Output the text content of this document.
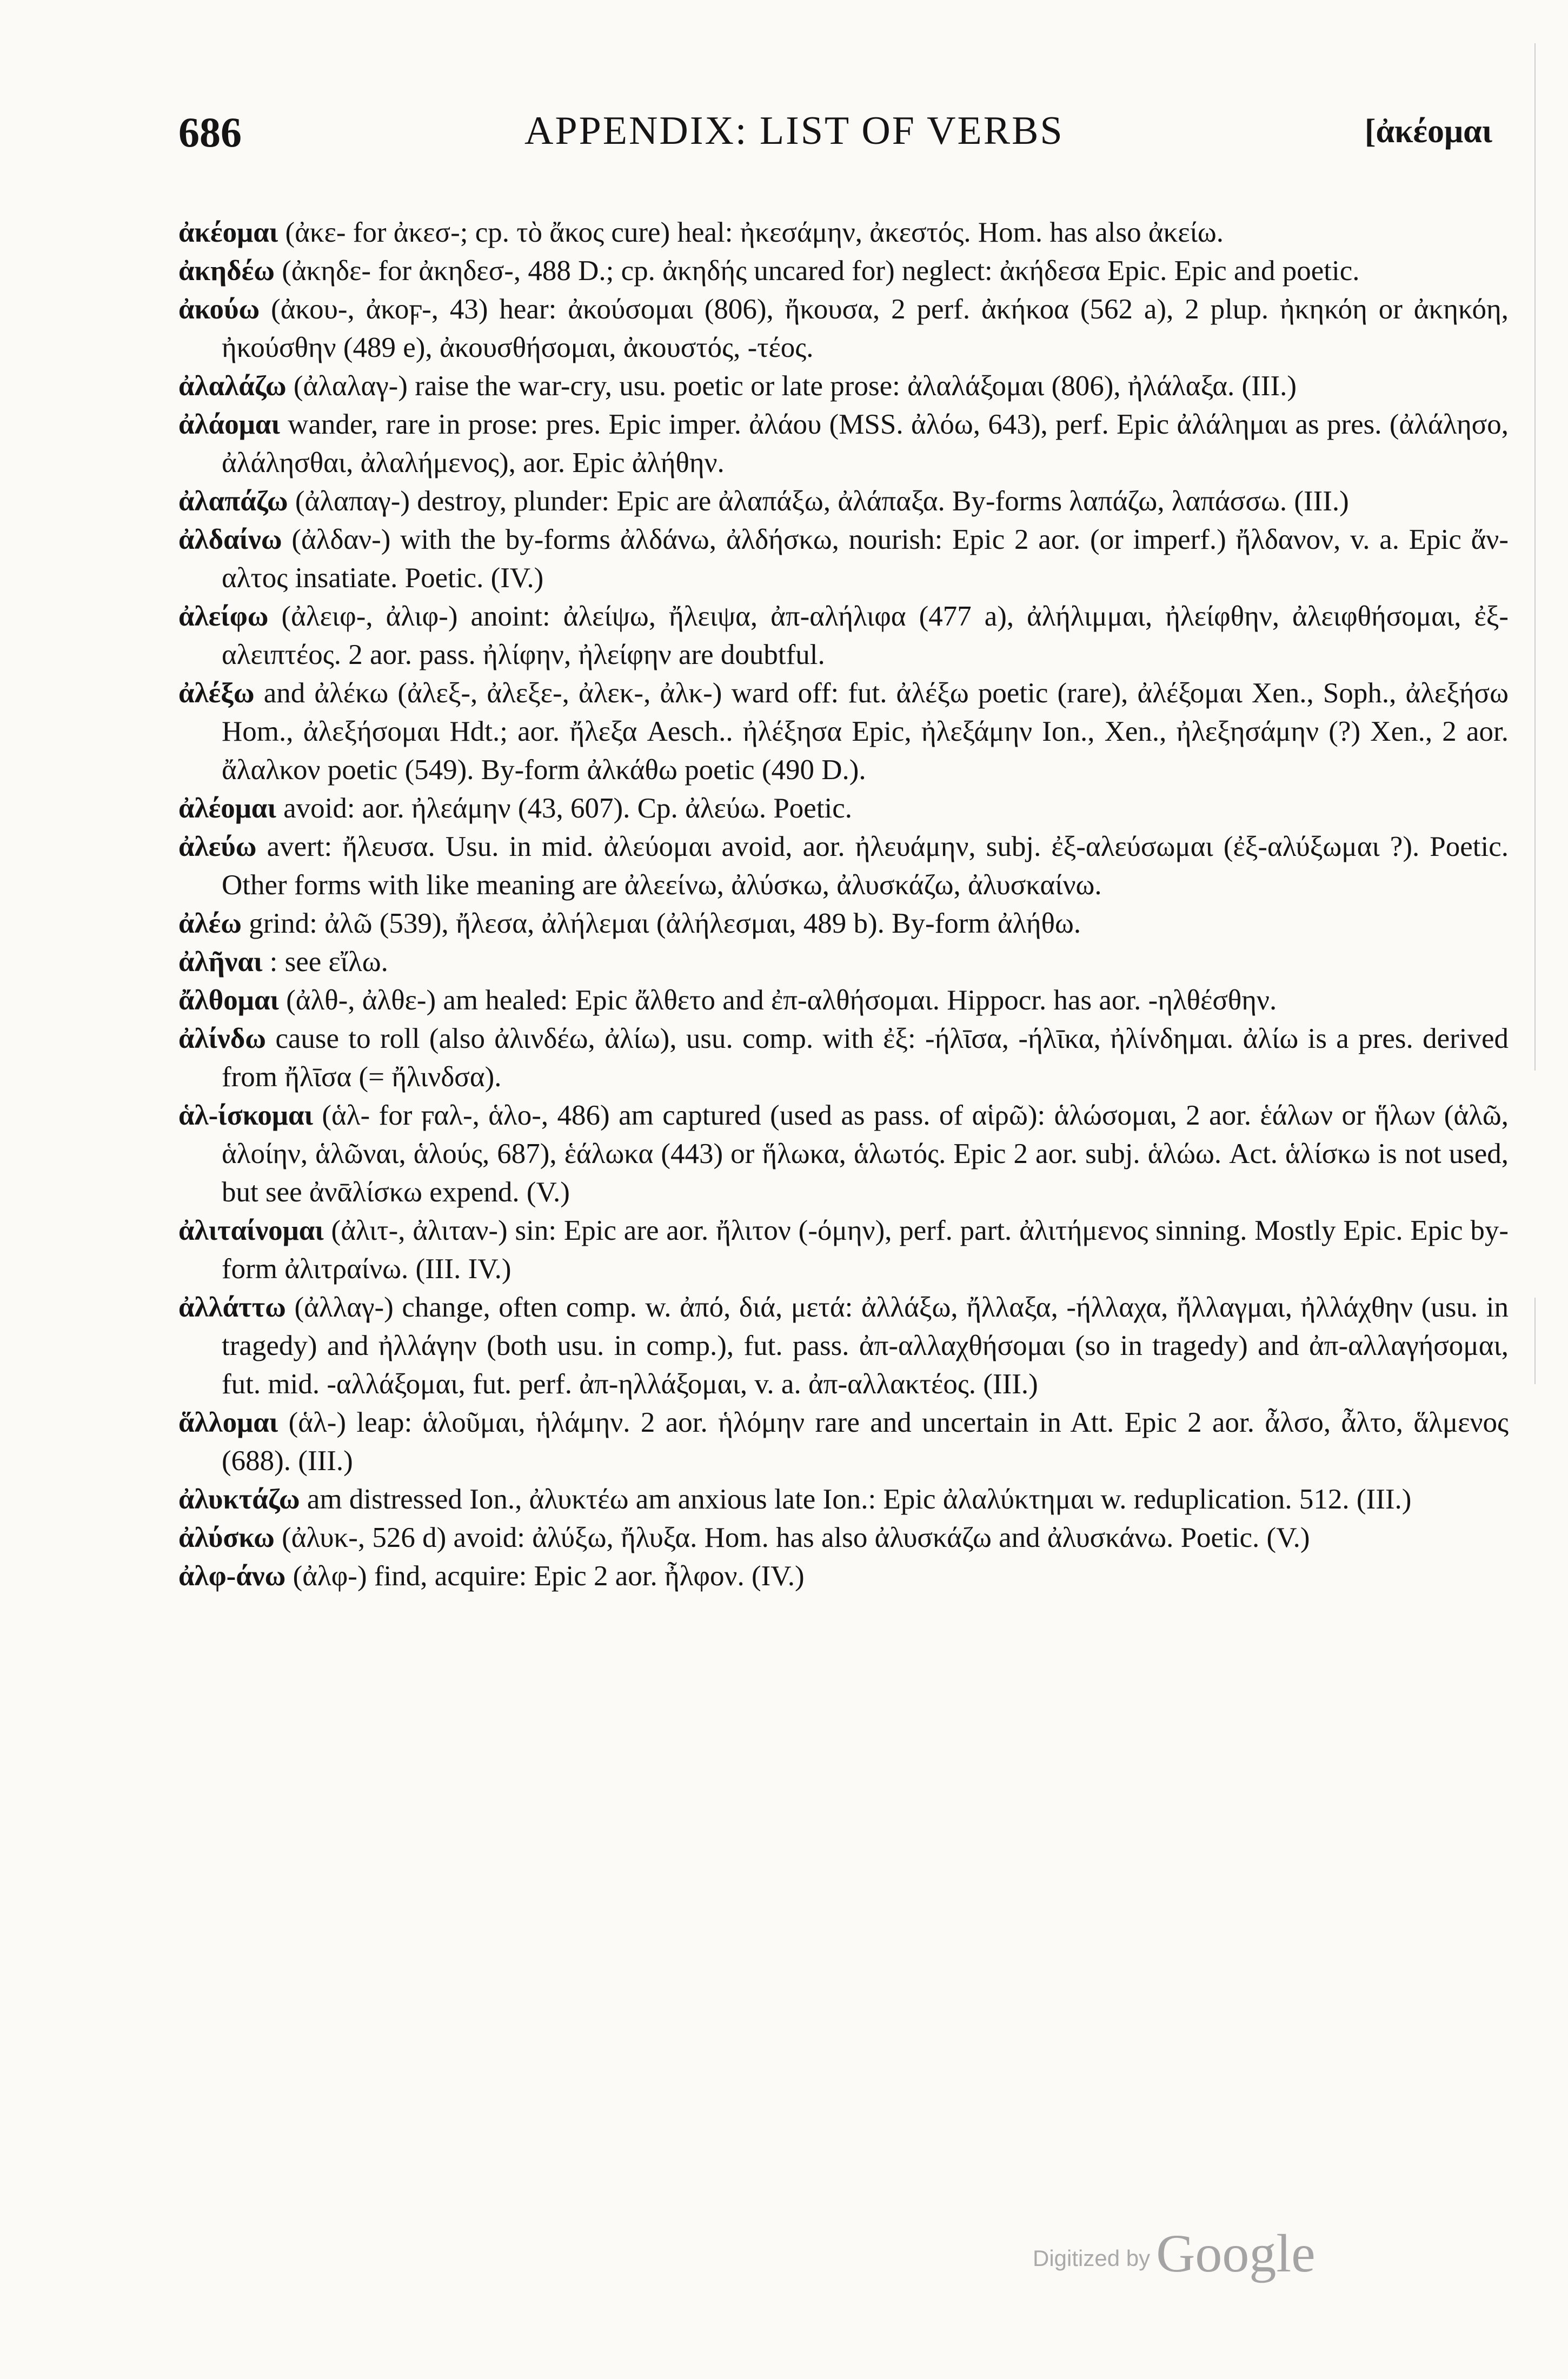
686	APPENDIX: LIST OF VERBS	[ἀκέομαι

ἀκέομαι (ἀκε- for ἀκεσ-; cp. τὸ ἄκος cure) heal: ἠκεσάμην, ἀκεστός. Hom. has also ἀκείω.

ἀκηδέω (ἀκηδε- for ἀκηδεσ-, 488 D.; cp. ἀκηδής uncared for) neglect: ἀκήδεσα Epic. Epic and poetic.

ἀκούω (ἀκου-, ἀκοϝ-, 43) hear: ἀκούσομαι (806), ἤκουσα, 2 perf. ἀκήκοα (562 a), 2 plup. ἠκηκόη or ἀκηκόη, ἠκούσθην (489 e), ἀκουσθήσομαι, ἀκουστός, -τέος.

ἀλαλάζω (ἀλαλαγ-) raise the war-cry, usu. poetic or late prose: ἀλαλάξομαι (806), ἠλάλαξα. (III.)

ἀλάομαι wander, rare in prose: pres. Epic imper. ἀλάου (MSS. ἀλόω, 643), perf. Epic ἀλάλημαι as pres. (ἀλάλησο, ἀλάλησθαι, ἀλαλήμενος), aor. Epic ἀλήθην.

ἀλαπάζω (ἀλαπαγ-) destroy, plunder: Epic are ἀλαπάξω, ἀλάπαξα. By-forms λαπάζω, λαπάσσω. (III.)

ἀλδαίνω (ἀλδαν-) with the by-forms ἀλδάνω, ἀλδήσκω, nourish: Epic 2 aor. (or imperf.) ἤλδανον, v. a. Epic ἄν-αλτος insatiate. Poetic. (IV.)

ἀλείφω (ἀλειφ-, ἀλιφ-) anoint: ἀλείψω, ἤλειψα, ἀπ-αλήλιφα (477 a), ἀλήλιμμαι, ἠλείφθην, ἀλειφθήσομαι, ἐξ-αλειπτέος. 2 aor. pass. ἠλίφην, ἠλείφην are doubtful.

ἀλέξω and ἀλέκω (ἀλεξ-, ἀλεξε-, ἀλεκ-, ἀλκ-) ward off: fut. ἀλέξω poetic (rare), ἀλέξομαι Xen., Soph., ἀλεξήσω Hom., ἀλεξήσομαι Hdt.; aor. ἤλεξα Aesch.. ἠλέξησα Epic, ἠλεξάμην Ion., Xen., ἠλεξησάμην (?) Xen., 2 aor. ἄλαλκον poetic (549). By-form ἀλκάθω poetic (490 D.).

ἀλέομαι avoid: aor. ἠλεάμην (43, 607). Cp. ἀλεύω. Poetic.

ἀλεύω avert: ἤλευσα. Usu. in mid. ἀλεύομαι avoid, aor. ἠλευάμην, subj. ἐξ-αλεύσωμαι (ἐξ-αλύξωμαι ?). Poetic. Other forms with like meaning are ἀλεείνω, ἀλύσκω, ἀλυσκάζω, ἀλυσκαίνω.

ἀλέω grind: ἀλῶ (539), ἤλεσα, ἀλήλεμαι (ἀλήλεσμαι, 489 b). By-form ἀλήθω.

ἀλῆναι : see εἴλω.

ἄλθομαι (ἀλθ-, ἀλθε-) am healed: Epic ἄλθετο and ἐπ-αλθήσομαι. Hippocr. has aor. -ηλθέσθην.

ἀλίνδω cause to roll (also ἀλινδέω, ἀλίω), usu. comp. with ἐξ: -ήλῑσα, -ήλῑκα, ἠλίνδημαι. ἀλίω is a pres. derived from ἤλῑσα (= ἤλινδσα).

ἁλ-ίσκομαι (ἁλ- for ϝαλ-, ἁλο-, 486) am captured (used as pass. of αἱρῶ): ἁλώσομαι, 2 aor. ἑάλων or ἥλων (ἁλῶ, ἁλοίην, ἁλῶναι, ἁλούς, 687), ἑάλωκα (443) or ἥλωκα, ἁλωτός. Epic 2 aor. subj. ἁλώω. Act. ἁλίσκω is not used, but see ἀνᾱλίσκω expend. (V.)

ἀλιταίνομαι (ἀλιτ-, ἀλιταν-) sin: Epic are aor. ἤλιτον (-όμην), perf. part. ἀλιτήμενος sinning. Mostly Epic. Epic by-form ἀλιτραίνω. (III. IV.)

ἀλλάττω (ἀλλαγ-) change, often comp. w. ἀπό, διά, μετά: ἀλλάξω, ἤλλαξα, -ήλλαχα, ἤλλαγμαι, ἠλλάχθην (usu. in tragedy) and ἠλλάγην (both usu. in comp.), fut. pass. ἀπ-αλλαχθήσομαι (so in tragedy) and ἀπ-αλλαγήσομαι, fut. mid. -αλλάξομαι, fut. perf. ἀπ-ηλλάξομαι, v. a. ἀπ-αλλακτέος. (III.)

ἅλλομαι (ἁλ-) leap: ἁλοῦμαι, ἡλάμην. 2 aor. ἡλόμην rare and uncertain in Att. Epic 2 aor. ἆλσο, ἆλτο, ἅλμενος (688). (III.)

ἀλυκτάζω am distressed Ion., ἀλυκτέω am anxious late Ion.: Epic ἀλαλύκτημαι w. reduplication. 512. (III.)

ἀλύσκω (ἀλυκ-, 526 d) avoid: ἀλύξω, ἤλυξα. Hom. has also ἀλυσκάζω and ἀλυσκάνω. Poetic. (V.)

ἀλφ-άνω (ἀλφ-) find, acquire: Epic 2 aor. ἦλφον. (IV.)

Digitized by Google
